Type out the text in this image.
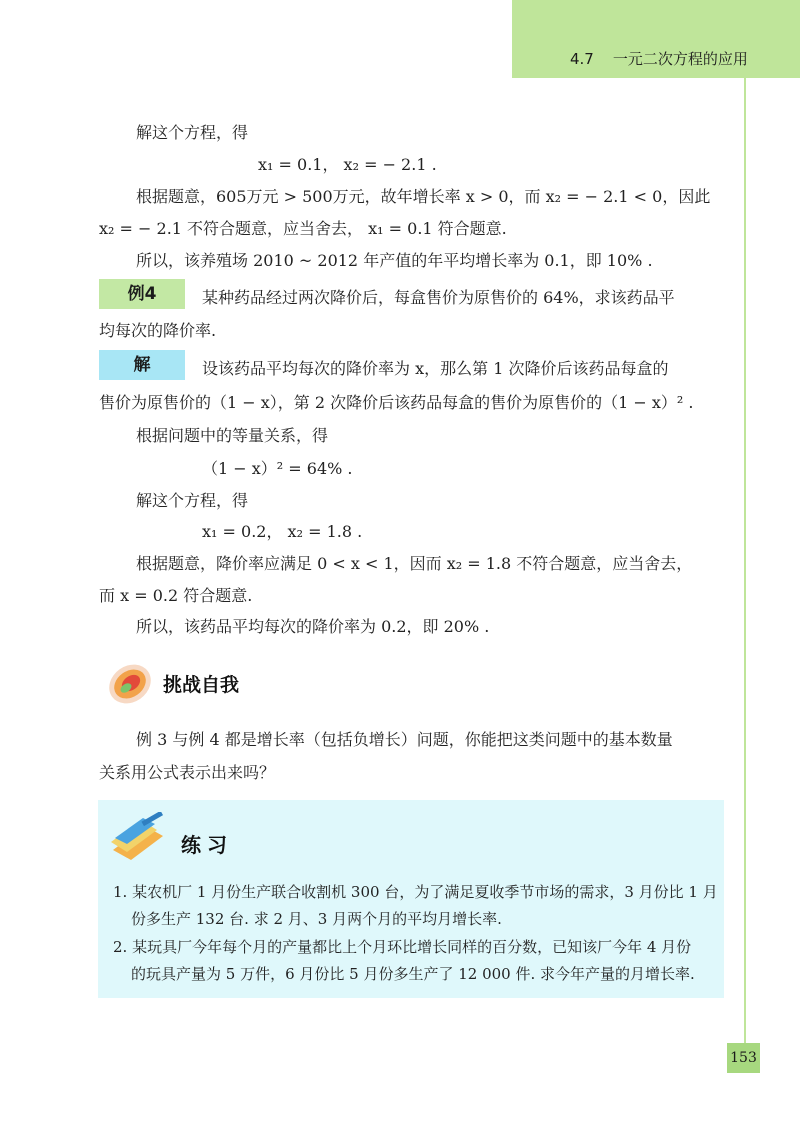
4.7    一元二次方程的应用
解这个方程，得
x₁ = 0.1， x₂ = − 2.1 .
根据题意，605万元 > 500万元，故年增长率 x > 0，而 x₂ = − 2.1 < 0，因此
x₂ = − 2.1 不符合题意，应当舍去， x₁ = 0.1 符合题意.
所以，该养殖场 2010 ~ 2012 年产值的年平均增长率为 0.1，即 10% .
例4	某种药品经过两次降价后，每盒售价为原售价的 64%，求该药品平
均每次的降价率.
解	设该药品平均每次的降价率为 x，那么第 1 次降价后该药品每盒的
售价为原售价的（1 − x），第 2 次降价后该药品每盒的售价为原售价的（1 − x）² .
根据问题中的等量关系，得
（1 − x）² = 64% .
解这个方程，得
x₁ = 0.2， x₂ = 1.8 .
根据题意，降价率应满足 0 < x < 1，因而 x₂ = 1.8 不符合题意，应当舍去，
而 x = 0.2 符合题意.
所以，该药品平均每次的降价率为 0.2，即 20% .
挑战自我
例 3 与例 4 都是增长率（包括负增长）问题，你能把这类问题中的基本数量
关系用公式表示出来吗？
练习
1. 某农机厂 1 月份生产联合收割机 300 台，为了满足夏收季节市场的需求，3 月份比 1 月
份多生产 132 台. 求 2 月、3 月两个月的平均月增长率.
2. 某玩具厂今年每个月的产量都比上个月环比增长同样的百分数，已知该厂今年 4 月份
的玩具产量为 5 万件，6 月份比 5 月份多生产了 12 000 件. 求今年产量的月增长率.
153
